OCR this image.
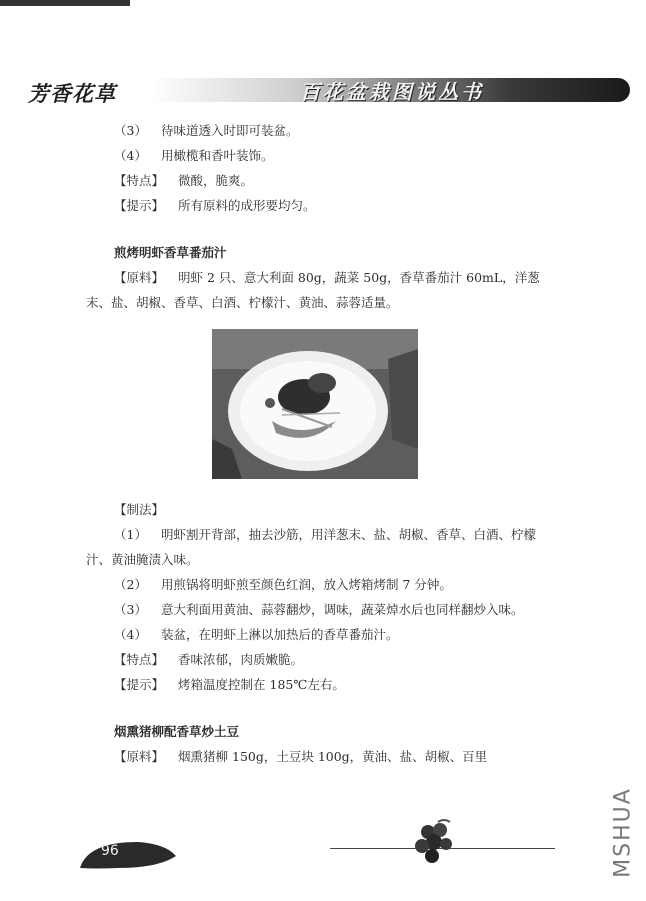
芳香花草	百花盆栽图说丛书

（3） 待味道透入时即可装盆。

（4） 用橄榄和香叶装饰。

【特点】 微酸，脆爽。

【提示】 所有原料的成形要均匀。

煎烤明虾香草番茄汁

【原料】 明虾 2 只、意大利面 80g，蔬菜 50g，香草番茄汁 60mL，洋葱末、盐、胡椒、香草、白酒、柠檬汁、黄油、蒜蓉适量。

【制法】

（1） 明虾割开背部，抽去沙筋，用洋葱末、盐、胡椒、香草、白酒、柠檬汁、黄油腌渍入味。

（2） 用煎锅将明虾煎至颜色红润，放入烤箱烤制 7 分钟。

（3） 意大利面用黄油、蒜蓉翻炒，调味，蔬菜焯水后也同样翻炒入味。

（4） 装盆，在明虾上淋以加热后的香草番茄汁。

【特点】 香味浓郁，肉质嫩脆。

【提示】 烤箱温度控制在 185℃左右。

烟熏猪柳配香草炒土豆

【原料】 烟熏猪柳 150g，土豆块 100g，黄油、盐、胡椒、百里

96	MSHUA
